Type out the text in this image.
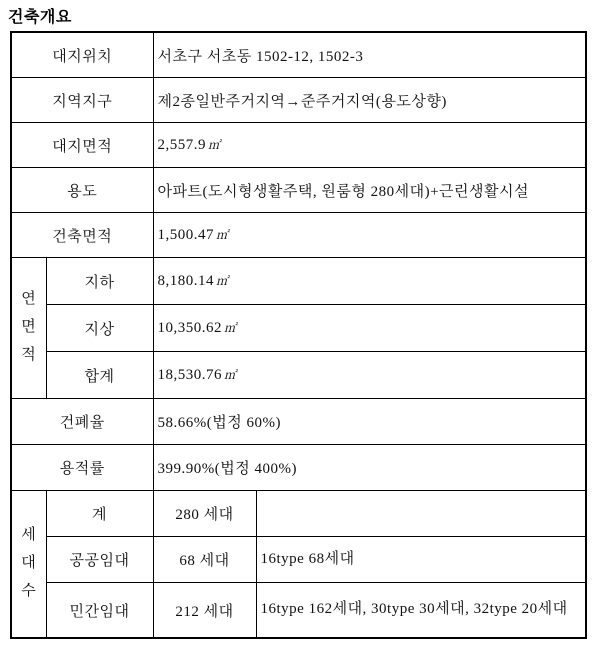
건축개요
대지위치		서초구 서초동 1502-12, 1502-3	
지역지구		제2종일반주거지역→준주거지역(용도상향)	
대지면적		2,557.9 ㎡	
용도		아파트(도시형생활주택, 원룸형 280세대)+근린생활시설	
건축면적		1,500.47 ㎡	

연면적	지하	8,180.14 ㎡	
	지상	10,350.62 ㎡	
	합계	18,530.76 ㎡	
건폐율		58.66%(법정 60%)	
용적률		399.90%(법정 400%)	

세대수	계	280 세대	
	공공임대	68 세대	16type 68세대
	민간임대	212 세대	16type 162세대, 30type 30세대, 32type 20세대
